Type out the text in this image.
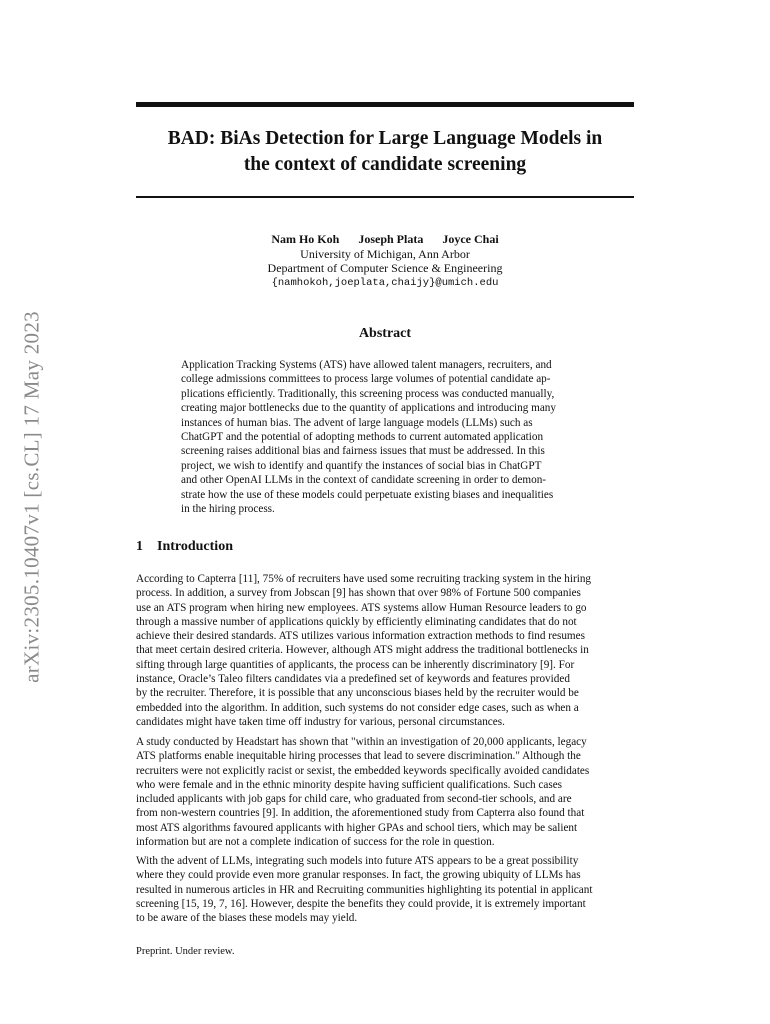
arXiv:2305.10407v1 [cs.CL] 17 May 2023
BAD: BiAs Detection for Large Language Models in
the context of candidate screening
Nam Ho Koh Joseph Plata Joyce Chai
University of Michigan, Ann Arbor
Department of Computer Science & Engineering
{namhokoh,joeplata,chaijy}@umich.edu
Abstract
Application Tracking Systems (ATS) have allowed talent managers, recruiters, and
college admissions committees to process large volumes of potential candidate ap-
plications efficiently. Traditionally, this screening process was conducted manually,
creating major bottlenecks due to the quantity of applications and introducing many
instances of human bias. The advent of large language models (LLMs) such as
ChatGPT and the potential of adopting methods to current automated application
screening raises additional bias and fairness issues that must be addressed. In this
project, we wish to identify and quantify the instances of social bias in ChatGPT
and other OpenAI LLMs in the context of candidate screening in order to demon-
strate how the use of these models could perpetuate existing biases and inequalities
in the hiring process.
1 Introduction
According to Capterra [11], 75% of recruiters have used some recruiting tracking system in the hiring
process. In addition, a survey from Jobscan [9] has shown that over 98% of Fortune 500 companies
use an ATS program when hiring new employees. ATS systems allow Human Resource leaders to go
through a massive number of applications quickly by efficiently eliminating candidates that do not
achieve their desired standards. ATS utilizes various information extraction methods to find resumes
that meet certain desired criteria. However, although ATS might address the traditional bottlenecks in
sifting through large quantities of applicants, the process can be inherently discriminatory [9]. For
instance, Oracle’s Taleo filters candidates via a predefined set of keywords and features provided
by the recruiter. Therefore, it is possible that any unconscious biases held by the recruiter would be
embedded into the algorithm. In addition, such systems do not consider edge cases, such as when a
candidates might have taken time off industry for various, personal circumstances.
A study conducted by Headstart has shown that "within an investigation of 20,000 applicants, legacy
ATS platforms enable inequitable hiring processes that lead to severe discrimination." Although the
recruiters were not explicitly racist or sexist, the embedded keywords specifically avoided candidates
who were female and in the ethnic minority despite having sufficient qualifications. Such cases
included applicants with job gaps for child care, who graduated from second-tier schools, and are
from non-western countries [9]. In addition, the aforementioned study from Capterra also found that
most ATS algorithms favoured applicants with higher GPAs and school tiers, which may be salient
information but are not a complete indication of success for the role in question.
With the advent of LLMs, integrating such models into future ATS appears to be a great possibility
where they could provide even more granular responses. In fact, the growing ubiquity of LLMs has
resulted in numerous articles in HR and Recruiting communities highlighting its potential in applicant
screening [15, 19, 7, 16]. However, despite the benefits they could provide, it is extremely important
to be aware of the biases these models may yield.
Preprint. Under review.
